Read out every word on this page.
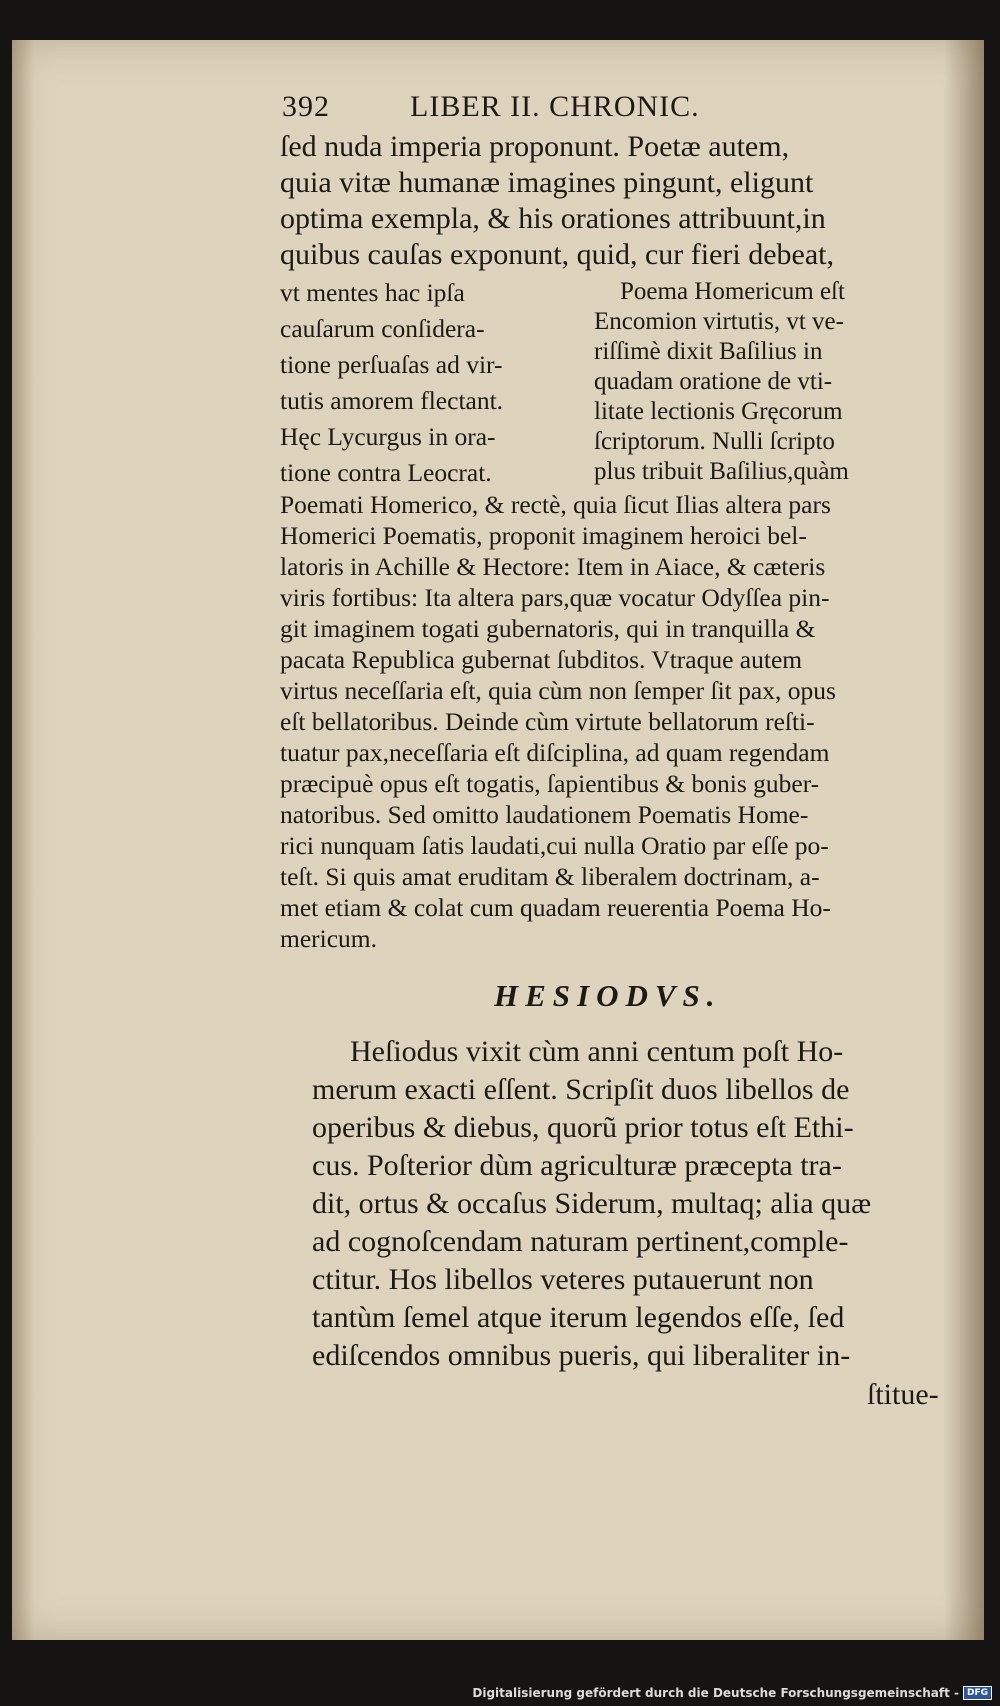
392	LIBER II. CHRONIC.
ſed nuda imperia proponunt. Poetæ autem,
quia vitæ humanæ imagines pingunt, eligunt
optima exempla, & his orationes attribuunt,in
quibus cauſas exponunt, quid, cur fieri debeat,
vt mentes hac ipſa
cauſarum conſidera-
tione perſuaſas ad vir-
tutis amorem flectant.
Hęc Lycurgus in ora-
tione contra Leocrat.
Poema Homericum eſt
Encomion virtutis, vt ve-
riſſimè dixit Baſilius in
quadam oratione de vti-
litate lectionis Gręcorum
ſcriptorum. Nulli ſcripto
plus tribuit Baſilius,quàm
Poemati Homerico, & rectè, quia ſicut Ilias altera pars
Homerici Poematis, proponit imaginem heroici bel-
latoris in Achille & Hectore: Item in Aiace, & cæteris
viris fortibus: Ita altera pars,quæ vocatur Odyſſea pin-
git imaginem togati gubernatoris, qui in tranquilla &
pacata Republica gubernat ſubditos. Vtraque autem
virtus neceſſaria eſt, quia cùm non ſemper ſit pax, opus
eſt bellatoribus. Deinde cùm virtute bellatorum reſti-
tuatur pax,neceſſaria eſt diſciplina, ad quam regendam
præcipuè opus eſt togatis, ſapientibus & bonis guber-
natoribus. Sed omitto laudationem Poematis Home-
rici nunquam ſatis laudati,cui nulla Oratio par eſſe po-
teſt. Si quis amat eruditam & liberalem doctrinam, a-
met etiam & colat cum quadam reuerentia Poema Ho-
mericum.
HESIODVS.
Heſiodus vixit cùm anni centum poſt Ho-
merum exacti eſſent. Scripſit duos libellos de
operibus & diebus, quorũ prior totus eſt Ethi-
cus. Poſterior dùm agriculturæ præcepta tra-
dit, ortus & occaſus Siderum, multaq; alia quæ
ad cognoſcendam naturam pertinent,comple-
ctitur. Hos libellos veteres putauerunt non
tantùm ſemel atque iterum legendos eſſe, ſed
ediſcendos omnibus pueris, qui liberaliter in-
ſtitue-
Digitalisierung gefördert durch die Deutsche Forschungsgemeinschaft - DFG
